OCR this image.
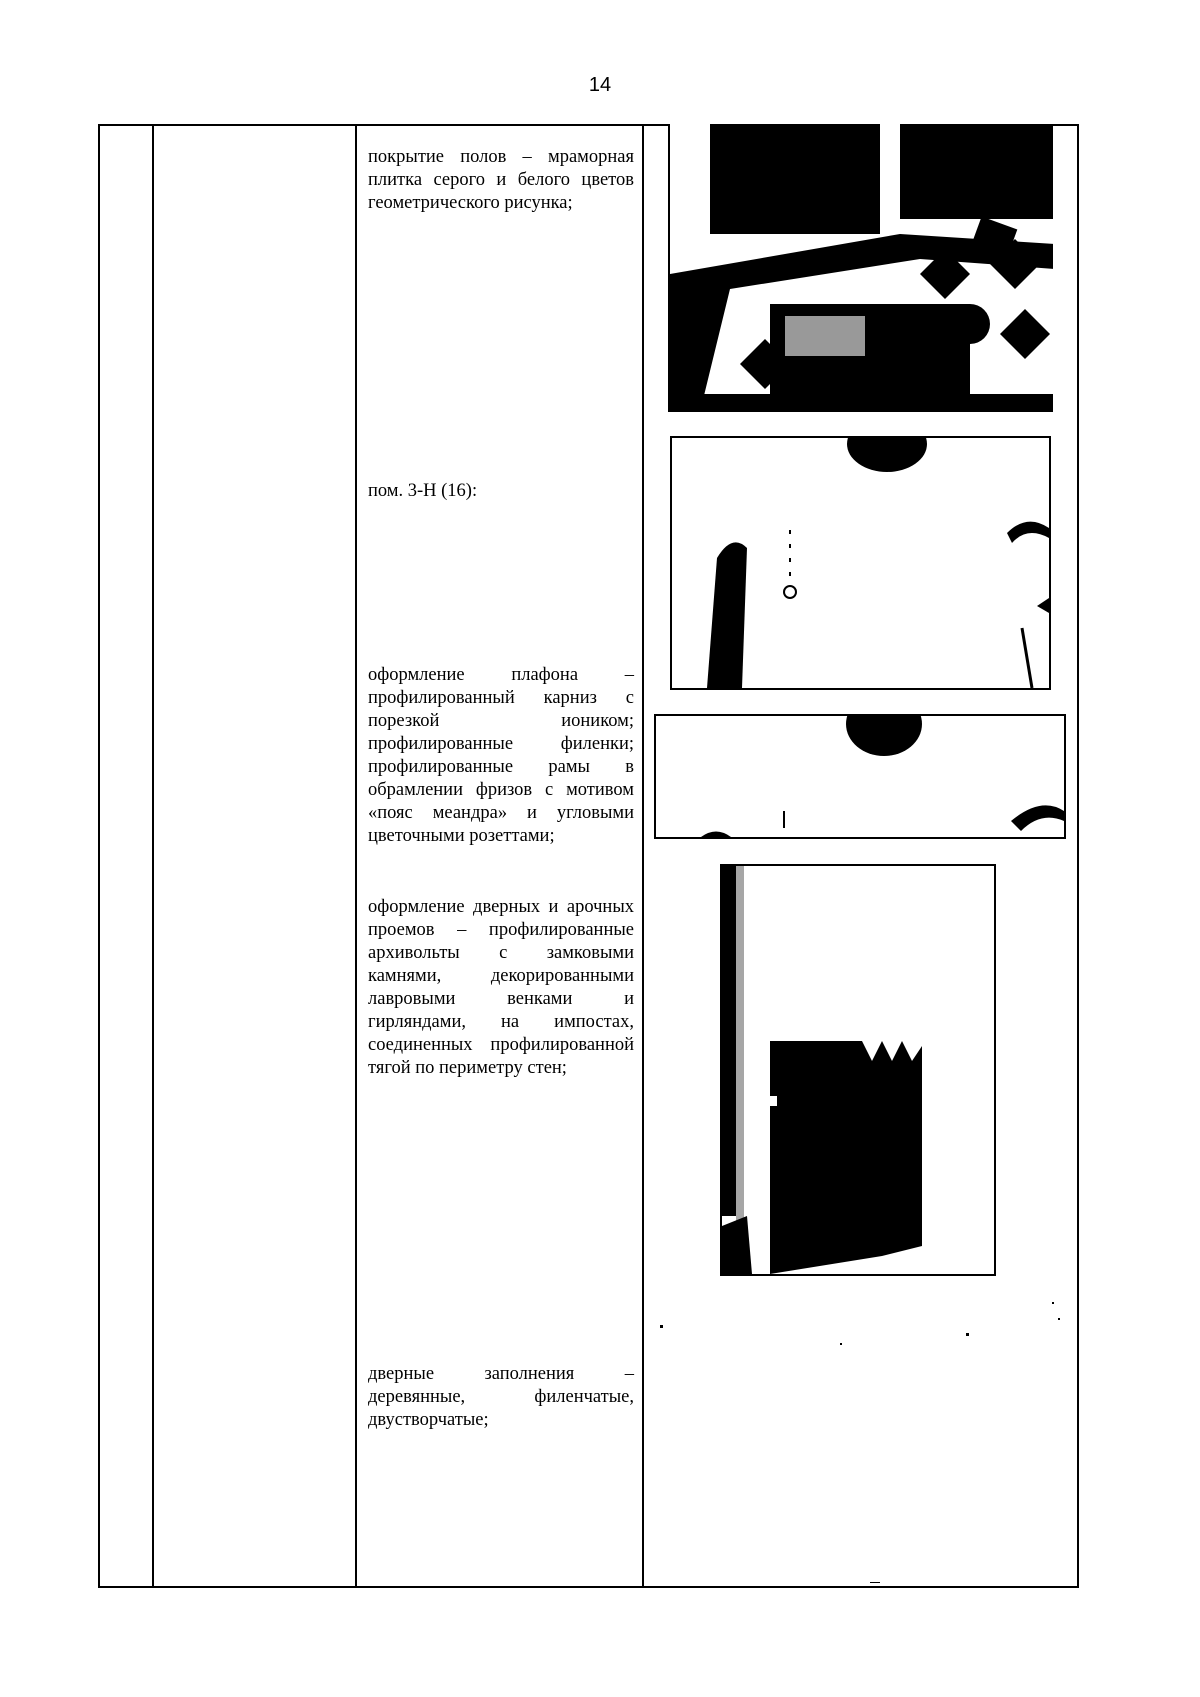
14
покрытие полов – мраморная плитка серого и белого цветов геометрического рисунка;
пом. 3-Н (16):
оформление плафона – профилированный карниз с порезкой иоником; профилированные филенки; профилированные рамы в обрамлении фризов с мотивом «пояс меандра» и угловыми цветочными розеттами;
оформление дверных и арочных проемов – профилированные архивольты с замковыми камнями, декорированными лавровыми венками и гирляндами, на импостах, соединенных профилированной тягой по периметру стен;
дверные заполнения – деревянные, филенчатые, двустворчатые;
